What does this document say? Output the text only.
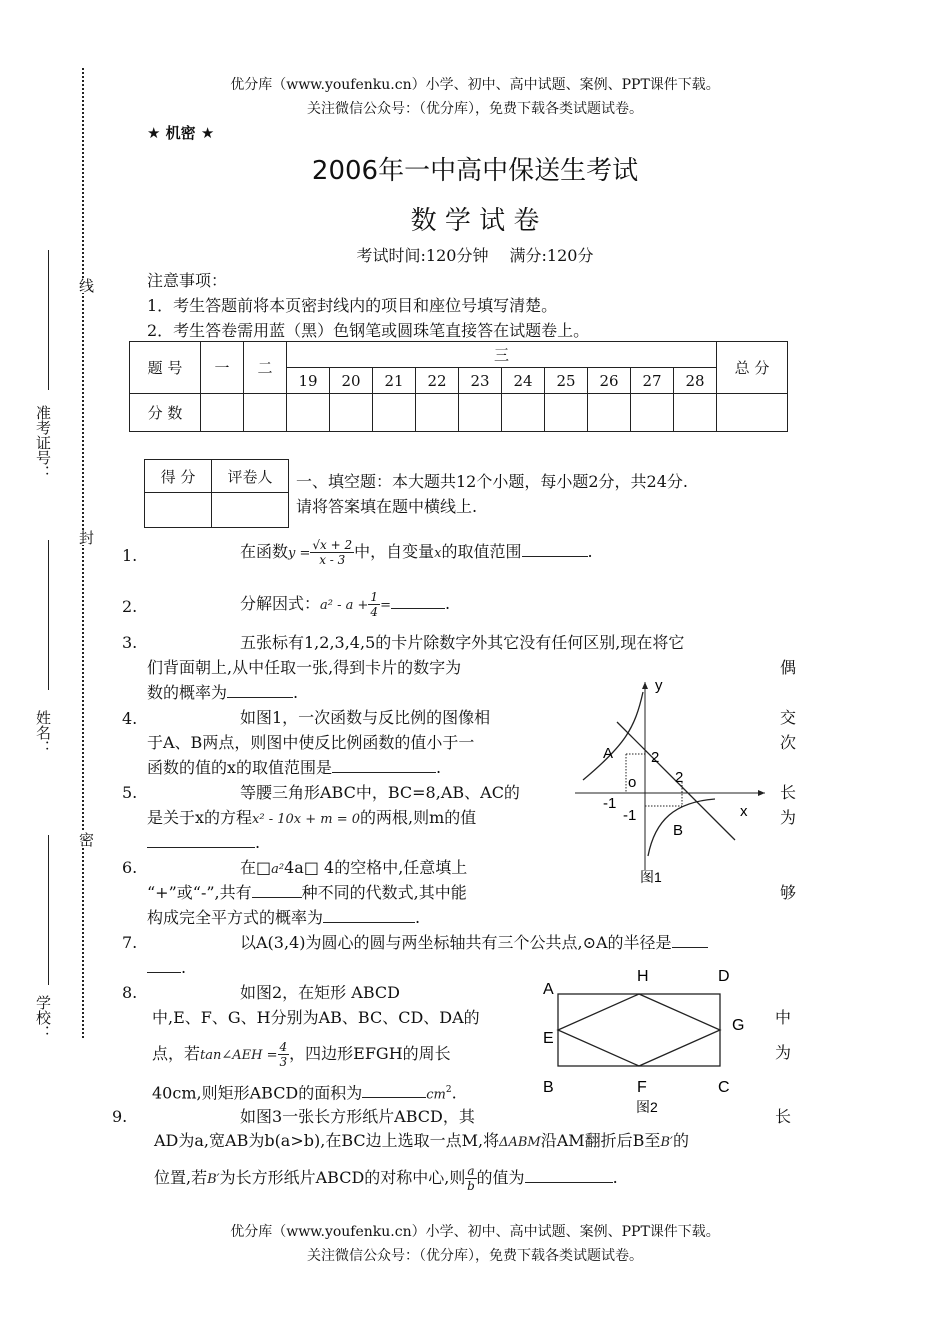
优分库（www.youfenku.cn）小学、初中、高中试题、案例、PPT课件下载。
关注微信公众号：（优分库），免费下载各类试题试卷。
线
封
密
准考证号：
姓名：
学校：
★ 机密 ★
2006年一中高中保送生考试
数 学 试 卷
考试时间:120分钟　 满分:120分
注意事项：
1．考生答题前将本页密封线内的项目和座位号填写清楚。
2．考生答卷需用蓝（黑）色钢笔或圆珠笔直接答在试题卷上。
题 号	一	二	三										总 分
			19	20	21	22	23	24	25	26	27	28	
分 数													
得 分	评卷人
	一、填空题：本大题共12个小题，每小题2分，共24分.
请将答案填在题中横线上.
1.	在函数$y = \frac{√x + 2}{x - 3}$ 中，自变量x的取值范围	.
2.	分解因式：$a^2 - a + \frac{1}{4}$ =	.
3.	五张标有1,2,3,4,5的卡片除数字外其它没有任何区别,现在将它
们背面朝上,从中任取一张,得到卡片的数字为	偶
数的概率为	.
4.	如图1，一次函数与反比例的图像相	交
于A、B两点，则图中使反比例函数的值小于一	次
函数的值的x的取值范围是	.
5.	等腰三角形ABC中，BC=8,AB、AC的	长
是关于x的方程x² - 10x + m = 0的两根,则m的值	为
.
6.	在□a²4a□ 4的空格中,任意填上
“+”或“-”,共有	种不同的代数式,其中能	够
构成完全平方式的概率为	.
7.	以A(3,4)为圆心的圆与两坐标轴共有三个公共点,⊙A的半径是
.
8.	如图2，在矩形 ABCD
中,E、F、G、H分别为AB、BC、CD、DA的	中
点，若tan∠AEH = $\frac{4}{3}$ ，四边形EFGH的周长	为
40cm,则矩形ABCD的面积为	$cm^2$.
9.	如图3一张长方形纸片ABCD，其	长
AD为a,宽AB为b(a>b),在BC边上选取一点M,将ΔABM沿AM翻折后B至B′的
位置,若B′为长方形纸片ABCD的对称中心,则 $\frac{a}{b}$ 的值为	.
y
x
A
B
o
2
2
-1
-1
图1
A
H	D
E
G
B	F	C
图2
优分库（www.youfenku.cn）小学、初中、高中试题、案例、PPT课件下载。
关注微信公众号：（优分库），免费下载各类试题试卷。
